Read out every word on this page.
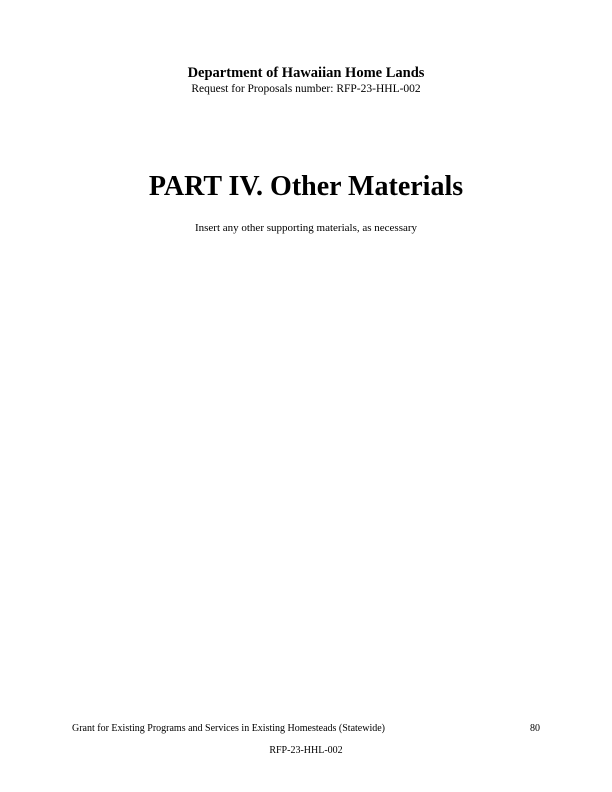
Department of Hawaiian Home Lands
Request for Proposals number: RFP-23-HHL-002
PART IV. Other Materials
Insert any other supporting materials, as necessary
Grant for Existing Programs and Services in Existing Homesteads (Statewide)	80
RFP-23-HHL-002
